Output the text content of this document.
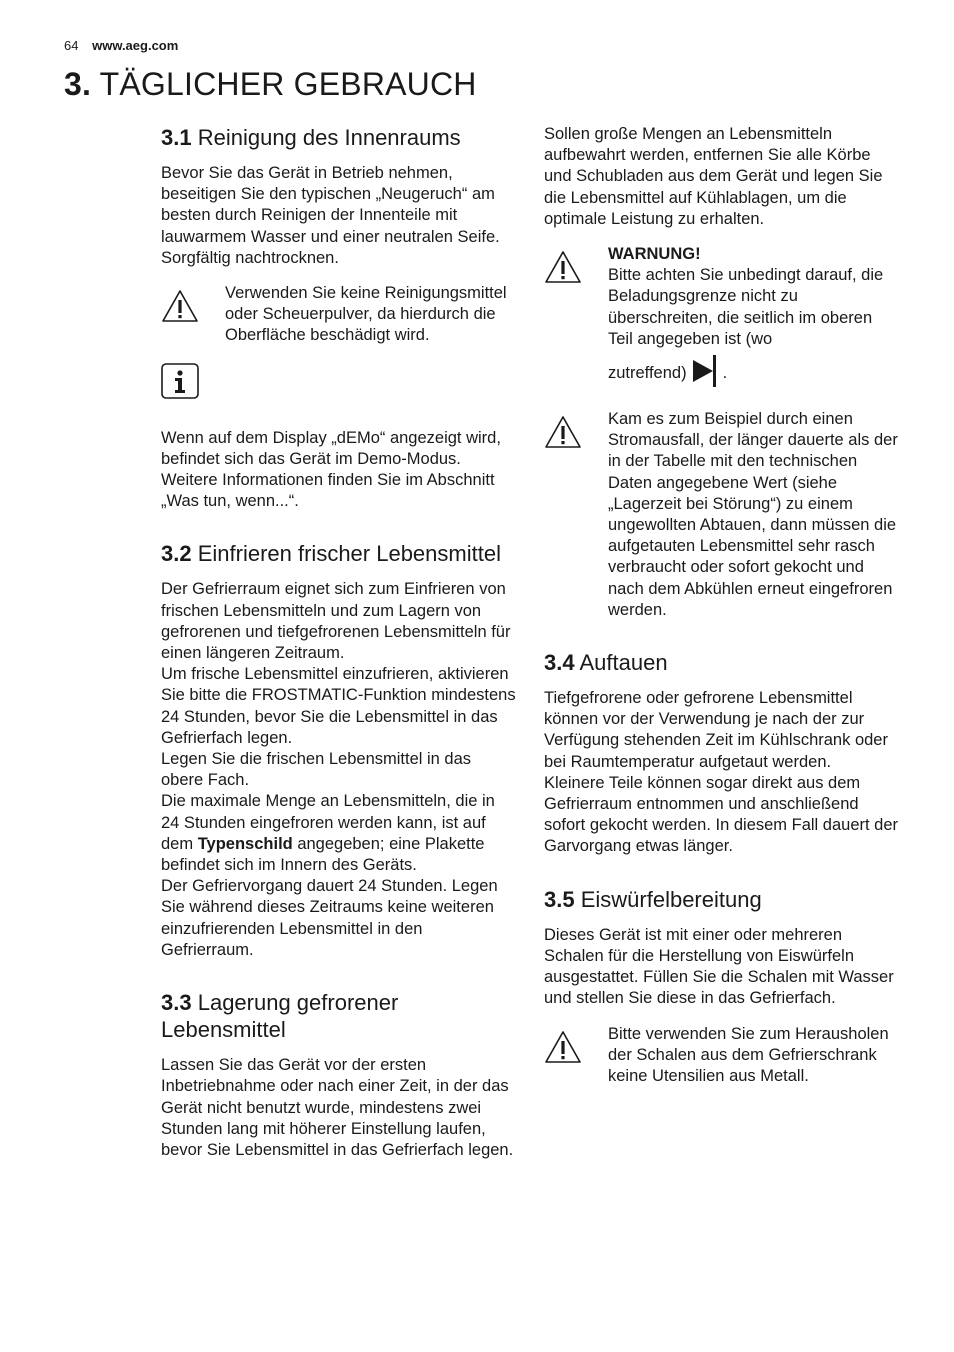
64 www.aeg.com
3. TÄGLICHER GEBRAUCH
3.1 Reinigung des Innenraums

Bevor Sie das Gerät in Betrieb nehmen, beseitigen Sie den typischen „Neugeruch“ am besten durch Reinigen der Innenteile mit lauwarmem Wasser und einer neutralen Seife. Sorgfältig nachtrocknen.

Verwenden Sie keine Reinigungsmittel oder Scheuerpulver, da hierdurch die Oberfläche beschädigt wird.

Wenn auf dem Display „dEMo“ angezeigt wird, befindet sich das Gerät im Demo-Modus. Weitere Informationen finden Sie im Abschnitt „Was tun, wenn...“.

3.2 Einfrieren frischer Lebensmittel

Der Gefrierraum eignet sich zum Einfrieren von frischen Lebensmitteln und zum Lagern von gefrorenen und tiefgefrorenen Lebensmitteln für einen längeren Zeitraum.

Um frische Lebensmittel einzufrieren, aktivieren Sie bitte die FROSTMATIC-Funktion mindestens 24 Stunden, bevor Sie die Lebensmittel in das Gefrierfach legen.

Legen Sie die frischen Lebensmittel in das obere Fach.

Die maximale Menge an Lebensmitteln, die in 24 Stunden eingefroren werden kann, ist auf dem Typenschild angegeben; eine Plakette befindet sich im Innern des Geräts.

Der Gefriervorgang dauert 24 Stunden. Legen Sie während dieses Zeitraums keine weiteren einzufrierenden Lebensmittel in den Gefrierraum.

3.3 Lagerung gefrorener Lebensmittel

Lassen Sie das Gerät vor der ersten Inbetriebnahme oder nach einer Zeit, in der das Gerät nicht benutzt wurde, mindestens zwei Stunden lang mit höherer Einstellung laufen, bevor Sie Lebensmittel in das Gefrierfach legen.

Sollen große Mengen an Lebensmitteln aufbewahrt werden, entfernen Sie alle Körbe und Schubladen aus dem Gerät und legen Sie die Lebensmittel auf Kühlablagen, um die optimale Leistung zu erhalten.

WARNUNG!

Bitte achten Sie unbedingt darauf, die Beladungsgrenze nicht zu überschreiten, die seitlich im oberen Teil angegeben ist (wo

zutreffend) .

Kam es zum Beispiel durch einen Stromausfall, der länger dauerte als der in der Tabelle mit den technischen Daten angegebene Wert (siehe „Lagerzeit bei Störung“) zu einem ungewollten Abtauen, dann müssen die aufgetauten Lebensmittel sehr rasch verbraucht oder sofort gekocht und nach dem Abkühlen erneut eingefroren werden.

3.4 Auftauen

Tiefgefrorene oder gefrorene Lebensmittel können vor der Verwendung je nach der zur Verfügung stehenden Zeit im Kühlschrank oder bei Raumtemperatur aufgetaut werden.

Kleinere Teile können sogar direkt aus dem Gefrierraum entnommen und anschließend sofort gekocht werden. In diesem Fall dauert der Garvorgang etwas länger.

3.5 Eiswürfelbereitung

Dieses Gerät ist mit einer oder mehreren Schalen für die Herstellung von Eiswürfeln ausgestattet. Füllen Sie die Schalen mit Wasser und stellen Sie diese in das Gefrierfach.

Bitte verwenden Sie zum Herausholen der Schalen aus dem Gefrierschrank keine Utensilien aus Metall.
